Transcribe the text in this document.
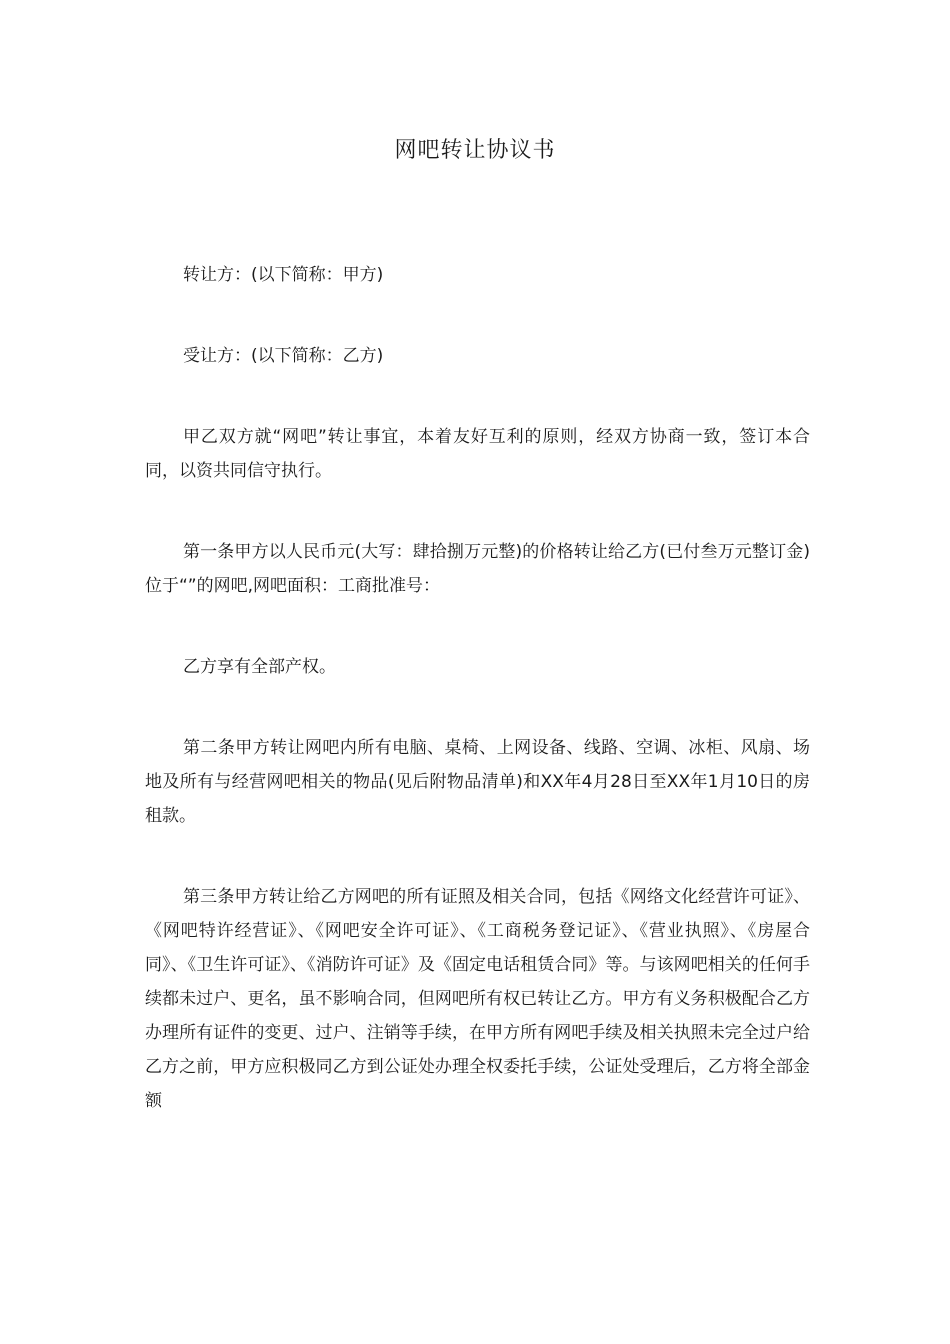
网吧转让协议书

转让方：(以下简称：甲方)

受让方：(以下简称：乙方)

甲乙双方就“网吧”转让事宜，本着友好互利的原则，经双方协商一致，签订本合同，以资共同信守执行。

第一条甲方以人民币元(大写：肆拾捌万元整)的价格转让给乙方(已付叁万元整订金)位于“”的网吧,网吧面积：工商批准号：

乙方享有全部产权。

第二条甲方转让网吧内所有电脑、桌椅、上网设备、线路、空调、冰柜、风扇、场地及所有与经营网吧相关的物品(见后附物品清单)和XX年4月28日至XX年1月10日的房租款。

第三条甲方转让给乙方网吧的所有证照及相关合同，包括《网络文化经营许可证》、《网吧特许经营证》、《网吧安全许可证》、《工商税务登记证》、《营业执照》、《房屋合同》、《卫生许可证》、《消防许可证》及《固定电话租赁合同》等。与该网吧相关的任何手续都未过户、更名，虽不影响合同，但网吧所有权已转让乙方。甲方有义务积极配合乙方办理所有证件的变更、过户、注销等手续，在甲方所有网吧手续及相关执照未完全过户给乙方之前，甲方应积极同乙方到公证处办理全权委托手续，公证处受理后，乙方将全部金额
